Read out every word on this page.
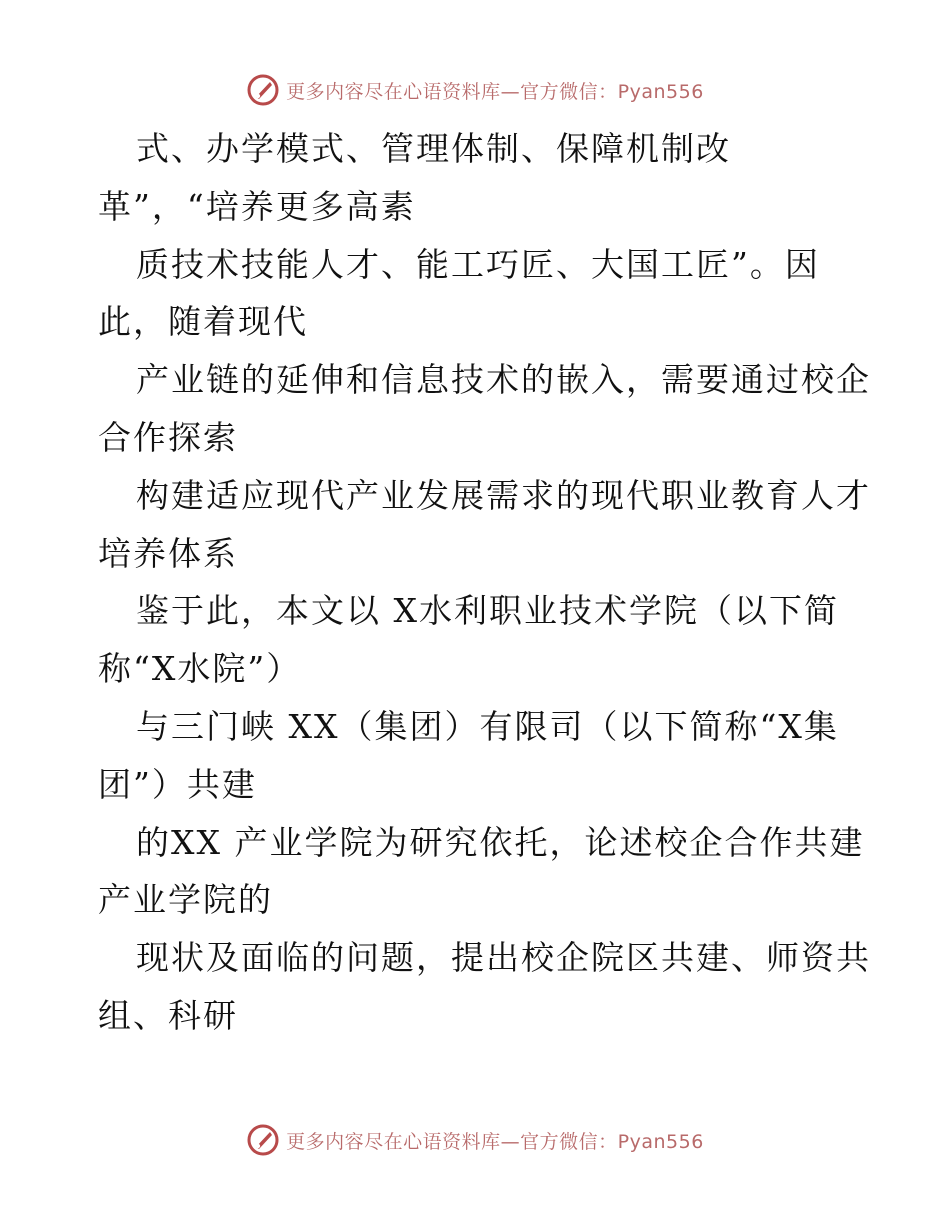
更多内容尽在心语资料库—官方微信：Pyan556
式、办学模式、管理体制、保障机制改
革”，“培养更多高素
质技术技能人才、能工巧匠、大国工匠”。因
此，随着现代
产业链的延伸和信息技术的嵌入，需要通过校企
合作探索
构建适应现代产业发展需求的现代职业教育人才
培养体系
鉴于此，本文以 X水利职业技术学院（以下简
称“X水院”）
与三门峡 XX（集团）有限司（以下简称“X集
团”）共建
的XX 产业学院为研究依托，论述校企合作共建
产业学院的
现状及面临的问题，提出校企院区共建、师资共
组、科研
更多内容尽在心语资料库—官方微信：Pyan556
